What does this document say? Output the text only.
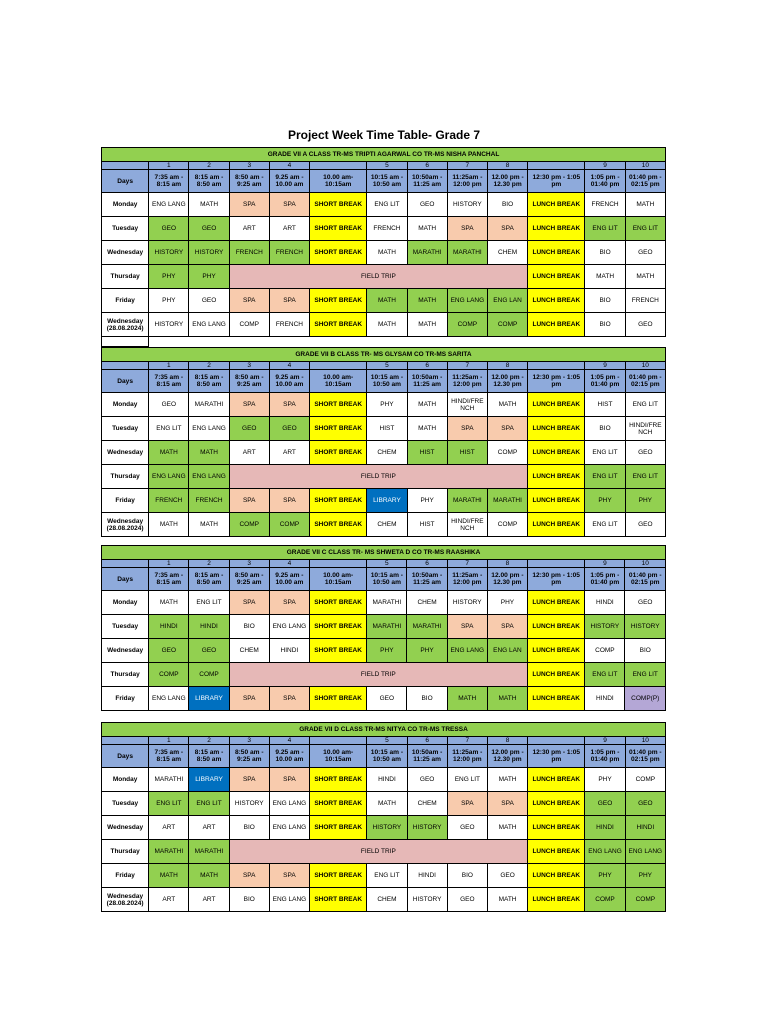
Project Week Time Table- Grade 7
GRADE VII A CLASS TR-MS TRIPTI AGARWAL CO TR-MS NISHA PANCHAL												
	1	2	3	4		5	6	7	8		9	10
Days	7:35 am - 8:15 am	8:15 am - 8:50 am	8:50 am - 9:25 am	9.25 am - 10.00 am	10.00 am- 10:15am	10:15 am - 10:50 am	10:50am - 11:25 am	11:25am - 12:00 pm	12.00 pm - 12.30 pm	12:30 pm - 1:05 pm	1:05 pm - 01:40 pm	01:40 pm - 02:15 pm
Monday	ENG LANG	MATH	SPA	SPA	SHORT BREAK	ENG LIT	GEO	HISTORY	BIO	LUNCH BREAK	FRENCH	MATH
Tuesday	GEO	GEO	ART	ART	SHORT BREAK	FRENCH	MATH	SPA	SPA	LUNCH BREAK	ENG LIT	ENG LIT
Wednesday	HISTORY	HISTORY	FRENCH	FRENCH	SHORT BREAK	MATH	MARATHI	MARATHI	CHEM	LUNCH BREAK	BIO	GEO
Thursday	PHY	PHY	FIELD TRIP							LUNCH BREAK	MATH	MATH
Friday	PHY	GEO	SPA	SPA	SHORT BREAK	MATH	MATH	ENG LANG	ENG LAN	LUNCH BREAK	BIO	FRENCH
Wednesday (28.08.2024)	HISTORY	ENG LANG	COMP	FRENCH	SHORT BREAK	MATH	MATH	COMP	COMP	LUNCH BREAK	BIO	GEO

GRADE VII B CLASS TR- MS GLYSAM CO TR-MS SARITA												
	1	2	3	4		5	6	7	8		9	10
Days	7:35 am - 8:15 am	8:15 am - 8:50 am	8:50 am - 9:25 am	9.25 am - 10.00 am	10.00 am- 10:15am	10:15 am - 10:50 am	10:50am - 11:25 am	11:25am - 12:00 pm	12.00 pm - 12.30 pm	12:30 pm - 1:05 pm	1:05 pm - 01:40 pm	01:40 pm - 02:15 pm
Monday	GEO	MARATHI	SPA	SPA	SHORT BREAK	PHY	MATH	HINDI/FRE NCH	MATH	LUNCH BREAK	HIST	ENG LIT
Tuesday	ENG LIT	ENG LANG	GEO	GEO	SHORT BREAK	HIST	MATH	SPA	SPA	LUNCH BREAK	BIO	HINDI/FRE NCH
Wednesday	MATH	MATH	ART	ART	SHORT BREAK	CHEM	HIST	HIST	COMP	LUNCH BREAK	ENG LIT	GEO
Thursday	ENG LANG	ENG LANG	FIELD TRIP							LUNCH BREAK	ENG LIT	ENG LIT
Friday	FRENCH	FRENCH	SPA	SPA	SHORT BREAK	LIBRARY	PHY	MARATHI	MARATHI	LUNCH BREAK	PHY	PHY
Wednesday (28.08.2024)	MATH	MATH	COMP	COMP	SHORT BREAK	CHEM	HIST	HINDI/FRE NCH	COMP	LUNCH BREAK	ENG LIT	GEO
GRADE VII C CLASS TR- MS SHWETA D CO TR-MS RAASHIKA												
	1	2	3	4		5	6	7	8		9	10
Days	7:35 am - 8:15 am	8:15 am - 8:50 am	8:50 am - 9:25 am	9.25 am - 10.00 am	10.00 am- 10:15am	10:15 am - 10:50 am	10:50am - 11:25 am	11:25am - 12:00 pm	12.00 pm - 12.30 pm	12:30 pm - 1:05 pm	1:05 pm - 01:40 pm	01:40 pm - 02:15 pm
Monday	MATH	ENG LIT	SPA	SPA	SHORT BREAK	MARATHI	CHEM	HISTORY	PHY	LUNCH BREAK	HINDI	GEO
Tuesday	HINDI	HINDI	BIO	ENG LANG	SHORT BREAK	MARATHI	MARATHI	SPA	SPA	LUNCH BREAK	HISTORY	HISTORY
Wednesday	GEO	GEO	CHEM	HINDI	SHORT BREAK	PHY	PHY	ENG LANG	ENG LAN	LUNCH BREAK	COMP	BIO
Thursday	COMP	COMP	FIELD TRIP							LUNCH BREAK	ENG LIT	ENG LIT
Friday	ENG LANG	LIBRARY	SPA	SPA	SHORT BREAK	GEO	BIO	MATH	MATH	LUNCH BREAK	HINDI	COMP(P)
GRADE VII D CLASS TR-MS NITYA CO TR-MS TRESSA												
	1	2	3	4		5	6	7	8		9	10
Days	7:35 am - 8:15 am	8:15 am - 8:50 am	8:50 am - 9:25 am	9.25 am - 10.00 am	10.00 am- 10:15am	10:15 am - 10:50 am	10:50am - 11:25 am	11:25am - 12:00 pm	12.00 pm - 12.30 pm	12:30 pm - 1:05 pm	1:05 pm - 01:40 pm	01:40 pm - 02:15 pm
Monday	MARATHI	LIBRARY	SPA	SPA	SHORT BREAK	HINDI	GEO	ENG LIT	MATH	LUNCH BREAK	PHY	COMP
Tuesday	ENG LIT	ENG LIT	HISTORY	ENG LANG	SHORT BREAK	MATH	CHEM	SPA	SPA	LUNCH BREAK	GEO	GEO
Wednesday	ART	ART	BIO	ENG LANG	SHORT BREAK	HISTORY	HISTORY	GEO	MATH	LUNCH BREAK	HINDI	HINDI
Thursday	MARATHI	MARATHI	FIELD TRIP							LUNCH BREAK	ENG LANG	ENG LANG
Friday	MATH	MATH	SPA	SPA	SHORT BREAK	ENG LIT	HINDI	BIO	GEO	LUNCH BREAK	PHY	PHY
Wednesday (28.08.2024)	ART	ART	BIO	ENG LANG	SHORT BREAK	CHEM	HISTORY	GEO	MATH	LUNCH BREAK	COMP	COMP
